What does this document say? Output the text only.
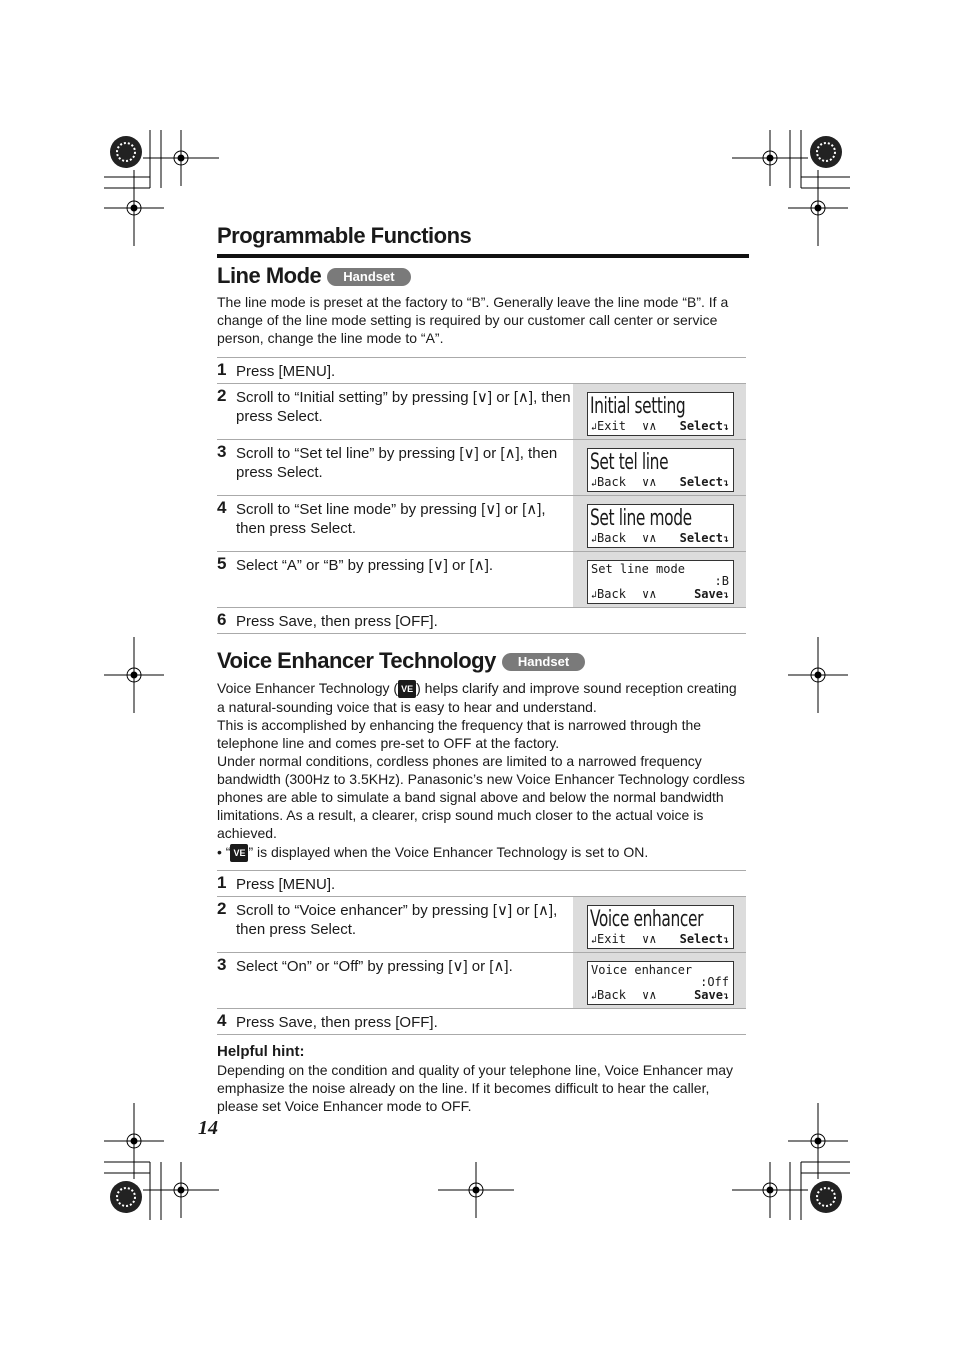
Programmable Functions
Line Mode Handset
The line mode is preset at the factory to “B”. Generally leave the line mode “B”. If a change of the line mode setting is required by our customer call center or service person, change the line mode to “A”.
1 Press [MENU].
2 Scroll to “Initial setting” by pressing [∨] or [∧], then press Select.	Initial setting
↲Exit ∨∧ Select↴
3 Scroll to “Set tel line” by pressing [∨] or [∧], then press Select.	Set tel line
↲Back ∨∧ Select↴
4 Scroll to “Set line mode” by pressing [∨] or [∧], then press Select.	Set line mode
↲Back ∨∧ Select↴
5 Select “A” or “B” by pressing [∨] or [∧].	Set line mode
:B
↲Back ∨∧	Save↴
6 Press Save, then press [OFF].
Voice Enhancer Technology Handset
Voice Enhancer Technology ( VE ) helps clarify and improve sound reception creating a natural-sounding voice that is easy to hear and understand.
This is accomplished by enhancing the frequency that is narrowed through the telephone line and comes pre-set to OFF at the factory.
Under normal conditions, cordless phones are limited to a narrowed frequency bandwidth (300Hz to 3.5KHz). Panasonic’s new Voice Enhancer Technology cordless phones are able to simulate a band signal above and below the normal bandwidth limitations. As a result, a clearer, crisp sound much closer to the actual voice is achieved.
• “ VE ” is displayed when the Voice Enhancer Technology is set to ON.
1 Press [MENU].
2 Scroll to “Voice enhancer” by pressing [∨] or [∧], then press Select.	Voice enhancer
↲Exit ∨∧ Select↴
3 Select “On” or “Off” by pressing [∨] or [∧].	Voice enhancer
:Off
↲Back ∨∧	Save↴
4 Press Save, then press [OFF].
Helpful hint:
Depending on the condition and quality of your telephone line, Voice Enhancer may emphasize the noise already on the line. If it becomes difficult to hear the caller, please set Voice Enhancer mode to OFF.
14
